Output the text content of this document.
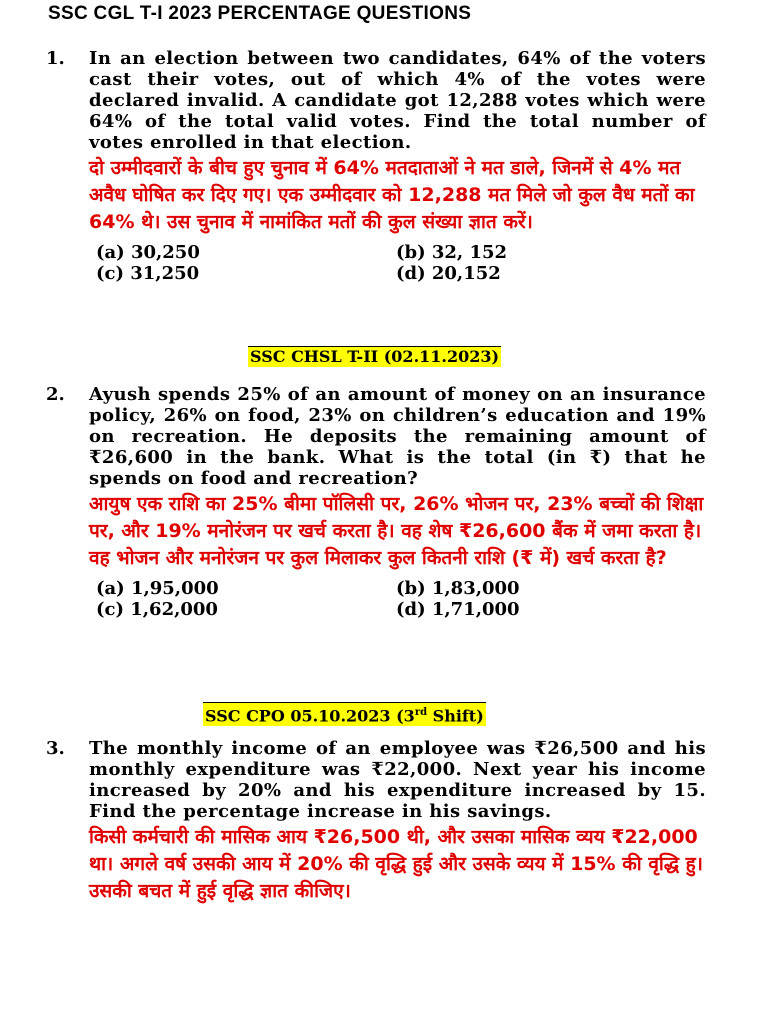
SSC CGL T-I 2023 PERCENTAGE QUESTIONS
1. In an election between two candidates, 64% of the voters cast their votes, out of which 4% of the votes were declared invalid. A candidate got 12,288 votes which were 64% of the total valid votes. Find the total number of votes enrolled in that election.
दो उम्मीदवारों के बीच हुए चुनाव में 64% मतदाताओं ने मत डाले, जिनमें से 4% मत अवैध घोषित कर दिए गए। एक उम्मीदवार को 12,288 मत मिले जो कुल वैध मतों का 64% थे। उस चुनाव में नामांकित मतों की कुल संख्या ज्ञात करें।
(a) 30,250	(b) 32, 152
(c) 31,250	(d) 20,152
SSC CHSL T-II (02.11.2023)
2. Ayush spends 25% of an amount of money on an insurance policy, 26% on food, 23% on children’s education and 19% on recreation. He deposits the remaining amount of ₹26,600 in the bank. What is the total (in ₹) that he spends on food and recreation?
आयुष एक राशि का 25% बीमा पॉलिसी पर, 26% भोजन पर, 23% बच्चों की शिक्षा पर, और 19% मनोरंजन पर खर्च करता है। वह शेष ₹26,600 बैंक में जमा करता है। वह भोजन और मनोरंजन पर कुल मिलाकर कुल कितनी राशि (₹ में) खर्च करता है?
(a) 1,95,000	(b) 1,83,000
(c) 1,62,000	(d) 1,71,000
SSC CPO 05.10.2023 (3rd Shift)
3. The monthly income of an employee was ₹26,500 and his monthly expenditure was ₹22,000. Next year his income increased by 20% and his expenditure increased by 15. Find the percentage increase in his savings.
किसी कर्मचारी की मासिक आय ₹26,500 थी, और उसका मासिक व्यय ₹22,000 था। अगले वर्ष उसकी आय में 20% की वृद्धि हुई और उसके व्यय में 15% की वृद्धि हु। उसकी बचत में हुई वृद्धि ज्ञात कीजिए।
